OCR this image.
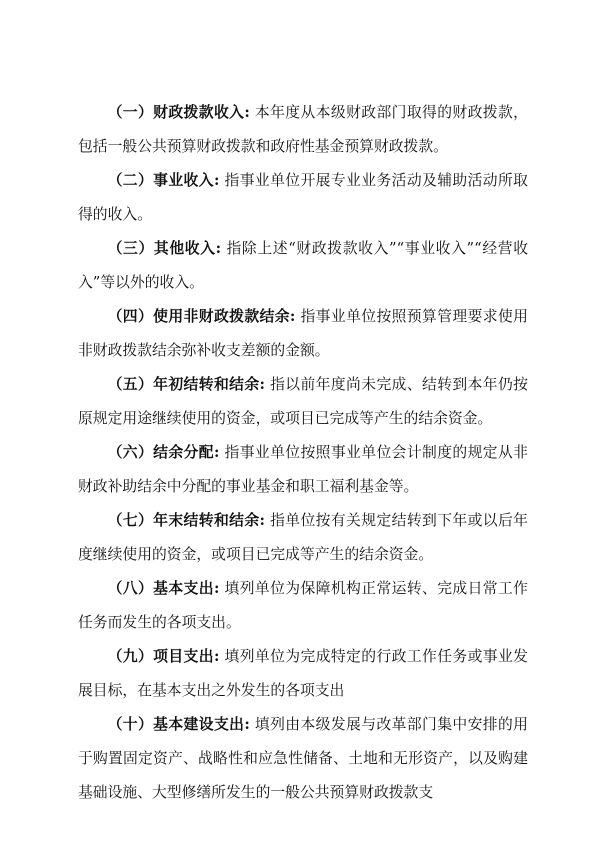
（一）财政拨款收入: 本年度从本级财政部门取得的财政拨款，包括一般公共预算财政拨款和政府性基金预算财政拨款。

（二）事业收入: 指事业单位开展专业业务活动及辅助活动所取得的收入。

（三）其他收入: 指除上述“财政拨款收入”“事业收入”“经营收入”等以外的收入。

（四）使用非财政拨款结余: 指事业单位按照预算管理要求使用非财政拨款结余弥补收支差额的金额。

（五）年初结转和结余: 指以前年度尚未完成、结转到本年仍按原规定用途继续使用的资金，或项目已完成等产生的结余资金。

（六）结余分配: 指事业单位按照事业单位会计制度的规定从非财政补助结余中分配的事业基金和职工福利基金等。

（七）年末结转和结余: 指单位按有关规定结转到下年或以后年度继续使用的资金，或项目已完成等产生的结余资金。

（八）基本支出: 填列单位为保障机构正常运转、完成日常工作任务而发生的各项支出。

（九）项目支出: 填列单位为完成特定的行政工作任务或事业发展目标，在基本支出之外发生的各项支出

（十）基本建设支出: 填列由本级发展与改革部门集中安排的用于购置固定资产、战略性和应急性储备、土地和无形资产，以及购建基础设施、大型修缮所发生的一般公共预算财政拨款支
